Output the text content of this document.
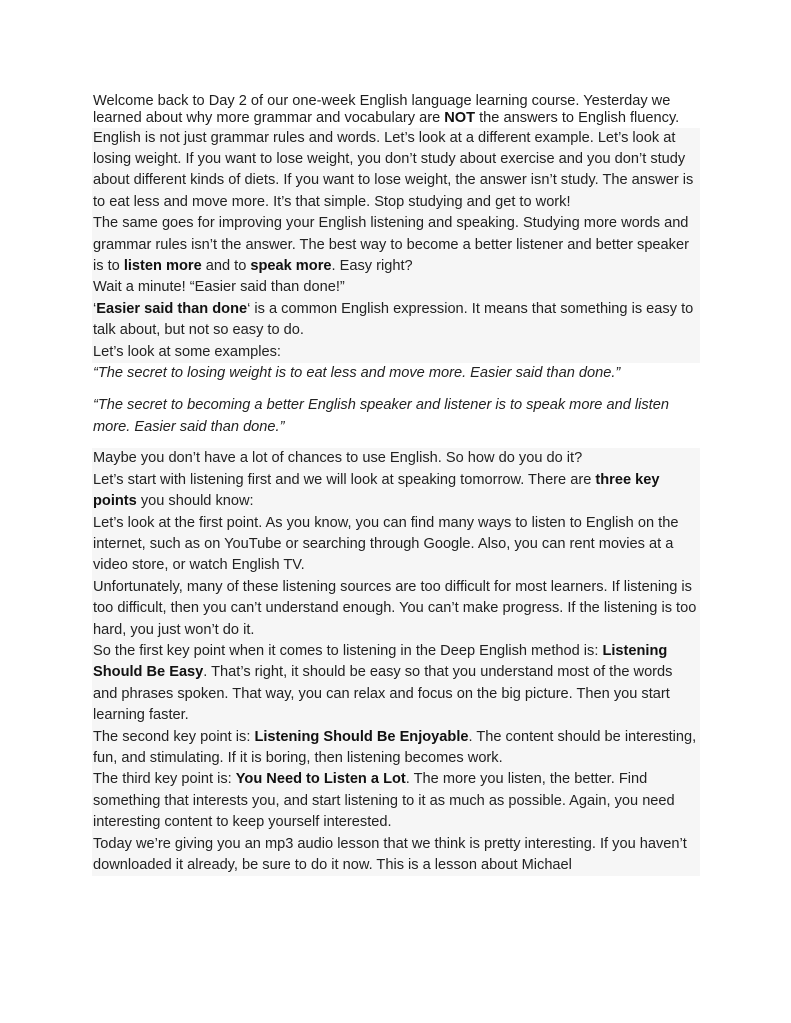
Welcome back to Day 2 of our one-week English language learning course. Yesterday we learned about why more grammar and vocabulary are NOT the answers to English fluency.

English is not just grammar rules and words. Let’s look at a different example. Let’s look at losing weight. If you want to lose weight, you don’t study about exercise and you don’t study about different kinds of diets. If you want to lose weight, the answer isn’t study. The answer is to eat less and move more. It’s that simple. Stop studying and get to work!

The same goes for improving your English listening and speaking. Studying more words and grammar rules isn’t the answer. The best way to become a better listener and better speaker is to listen more and to speak more. Easy right?

Wait a minute! “Easier said than done!”

‘Easier said than done‘ is a common English expression. It means that something is easy to talk about, but not so easy to do.

Let’s look at some examples:

“The secret to losing weight is to eat less and move more. Easier said than done.”

“The secret to becoming a better English speaker and listener is to speak more and listen more. Easier said than done.”

Maybe you don’t have a lot of chances to use English. So how do you do it?

Let’s start with listening first and we will look at speaking tomorrow. There are three key points you should know:

Let’s look at the first point. As you know, you can find many ways to listen to English on the internet, such as on YouTube or searching through Google. Also, you can rent movies at a video store, or watch English TV.

Unfortunately, many of these listening sources are too difficult for most learners. If listening is too difficult, then you can’t understand enough. You can’t make progress. If the listening is too hard, you just won’t do it.

So the first key point when it comes to listening in the Deep English method is: Listening Should Be Easy. That’s right, it should be easy so that you understand most of the words and phrases spoken. That way, you can relax and focus on the big picture. Then you start learning faster.

The second key point is: Listening Should Be Enjoyable. The content should be interesting, fun, and stimulating. If it is boring, then listening becomes work.

The third key point is: You Need to Listen a Lot. The more you listen, the better. Find something that interests you, and start listening to it as much as possible. Again, you need interesting content to keep yourself interested.

Today we’re giving you an mp3 audio lesson that we think is pretty interesting. If you haven’t downloaded it already, be sure to do it now. This is a lesson about Michael
